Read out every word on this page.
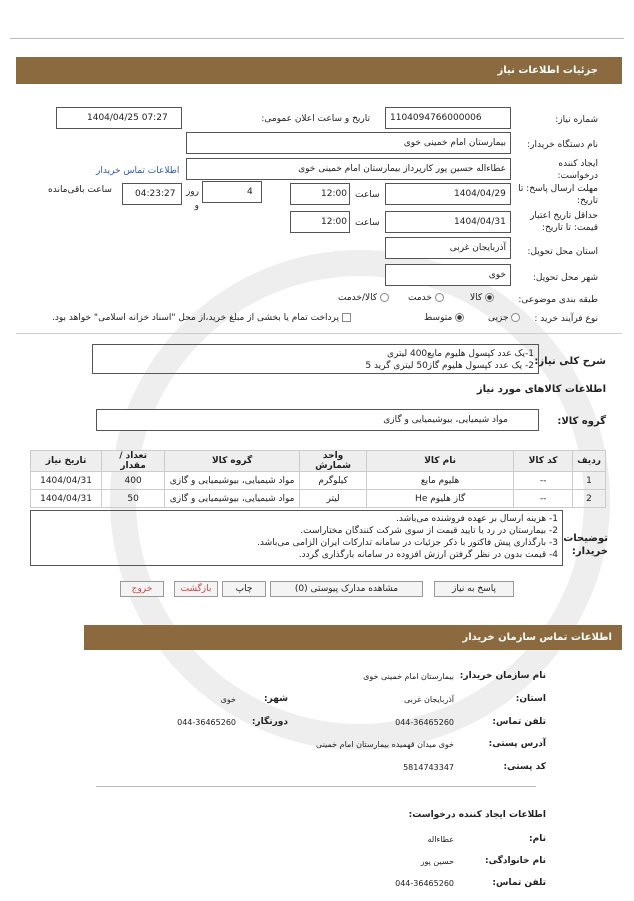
جزئیات اطلاعات نیاز
شماره نیاز:
1104094766000006
تاریخ و ساعت اعلان عمومی:
1404/04/25 07:27
نام دستگاه خریدار:
بیمارستان امام خمینی خوی
ایجاد کننده درخواست:
عطاءاله حسین پور کارپرداز بیمارستان امام خمینی خوی
اطلاعات تماس خریدار
مهلت ارسال پاسخ: تا تاریخ:
1404/04/29
ساعت
12:00
4
روز و
04:23:27
ساعت باقی‌مانده
حداقل تاریخ اعتبار قیمت: تا تاریخ:
1404/04/31
ساعت
12:00
استان محل تحویل:
آذربایجان غربی
شهر محل تحویل:
خوی
طبقه بندی موضوعی:
کالا
خدمت
کالا/خدمت
نوع فرآیند خرید :
جزیی
متوسط
پرداخت تمام یا بخشی از مبلغ خرید،از محل "اسناد خزانه اسلامی" خواهد بود.
شرح کلی نیاز:
1-یک عدد کپسول هلیوم مایع400 لیتری
2- یک عدد کپسول هلیوم گاز50 لیتری گرید 5
اطلاعات کالاهای مورد نیاز
گروه کالا:
مواد شیمیایی، بیوشیمیایی و گازی
ردیف	کد کالا	نام کالا	واحد شمارش	گروه کالا	تعداد / مقدار	تاریخ نیاز
1	--	هلیوم مایع	کیلوگرم	مواد شیمیایی، بیوشیمیایی و گازی	400	1404/04/31
2	--	گاز هلیوم He	لیتر	مواد شیمیایی، بیوشیمیایی و گازی	50	1404/04/31
توضیحات خریدار:
1- هزینه ارسال بر عهده فروشنده می‌باشد.
2- بیمارستان در رد یا تایید قیمت از سوی شرکت کنندگان مختاراست.
3- بارگذاری پیش فاکتور با ذکر جزئیات در سامانه تدارکات ایران الزامی می‌باشد.
4- قیمت بدون در نظر گرفتن ارزش افزوده در سامانه بارگذاری گردد.
پاسخ به نیاز
مشاهده مدارک پیوستی (0)
چاپ
بازگشت
خروج
اطلاعات تماس سازمان خریدار
نام سازمان خریدار:
بیمارستان امام خمینی خوی
استان:
آذربایجان غربی
شهر:
خوی
تلفن تماس:
044-36465260
دورنگار:
044-36465260
آدرس پستی:
خوی میدان قهمیده بیمارستان امام خمینی
کد پستی:
5814743347
اطلاعات ایجاد کننده درخواست:
نام:
عطاءاله
نام خانوادگی:
حسین پور
تلفن تماس:
044-36465260
